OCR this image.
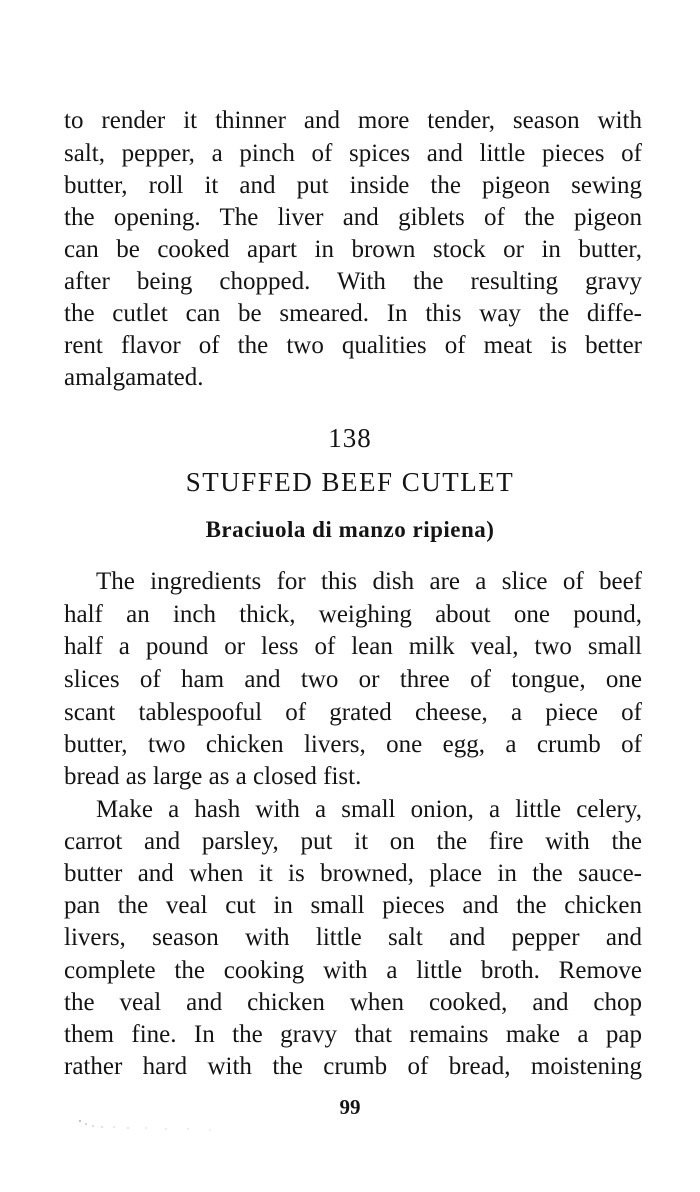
to render it thinner and more tender, season with
salt, pepper, a pinch of spices and little pieces of
butter, roll it and put inside the pigeon sewing
the opening. The liver and giblets of the pigeon
can be cooked apart in brown stock or in butter,
after being chopped. With the resulting gravy
the cutlet can be smeared. In this way the diffe-
rent flavor of the two qualities of meat is better
amalgamated.
138
STUFFED BEEF CUTLET
Braciuola di manzo ripiena)
The ingredients for this dish are a slice of beef
half an inch thick, weighing about one pound,
half a pound or less of lean milk veal, two small
slices of ham and two or three of tongue, one
scant tablespooful of grated cheese, a piece of
butter, two chicken livers, one egg, a crumb of
bread as large as a closed fist.
Make a hash with a small onion, a little celery,
carrot and parsley, put it on the fire with the
butter and when it is browned, place in the sauce-
pan the veal cut in small pieces and the chicken
livers, season with little salt and pepper and
complete the cooking with a little broth. Remove
the veal and chicken when cooked, and chop
them fine. In the gravy that remains make a pap
rather hard with the crumb of bread, moistening
99
